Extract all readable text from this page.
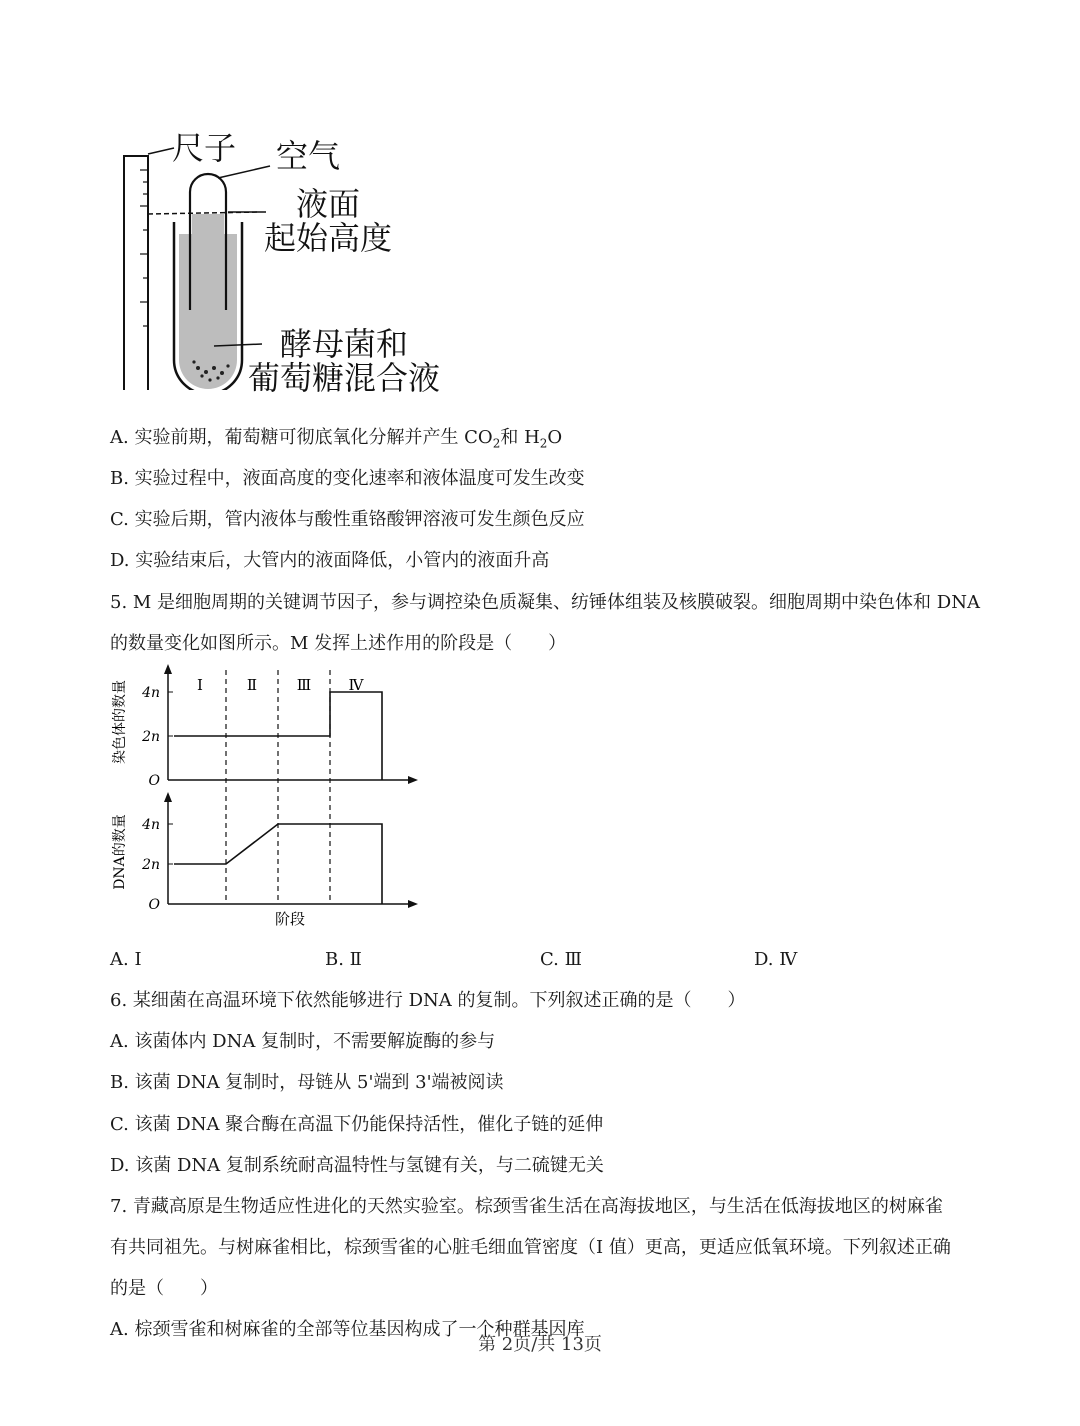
尺子 空气
液面
起始高度
酵母菌和
葡萄糖混合液
A. 实验前期，葡萄糖可彻底氧化分解并产生 $CO_2$和 $H_2O$
B. 实验过程中，液面高度的变化速率和液体温度可发生改变
C. 实验后期，管内液体与酸性重铬酸钾溶液可发生颜色反应
D. 实验结束后，大管内的液面降低，小管内的液面升高
5. M 是细胞周期的关键调节因子，参与调控染色质凝集、纺锤体组装及核膜破裂。细胞周期中染色体和 DNA
的数量变化如图所示。M 发挥上述作用的阶段是（　　）
Ⅰ	Ⅱ	Ⅲ Ⅳ
4n
2n
O
4n
2n
O
染色体的数量
DNA的数量
阶段
A. Ⅰ	B. Ⅱ	C. Ⅲ	D. Ⅳ
6. 某细菌在高温环境下依然能够进行 DNA 的复制。下列叙述正确的是（　　）
A. 该菌体内 DNA 复制时，不需要解旋酶的参与
B. 该菌 DNA 复制时，母链从 5'端到 3'端被阅读
C. 该菌 DNA 聚合酶在高温下仍能保持活性，催化子链的延伸
D. 该菌 DNA 复制系统耐高温特性与氢键有关，与二硫键无关
7. 青藏高原是生物适应性进化的天然实验室。棕颈雪雀生活在高海拔地区，与生活在低海拔地区的树麻雀
有共同祖先。与树麻雀相比，棕颈雪雀的心脏毛细血管密度（I 值）更高，更适应低氧环境。下列叙述正确
的是（　　）
A. 棕颈雪雀和树麻雀的全部等位基因构成了一个种群基因库
第 2页/共 13页
